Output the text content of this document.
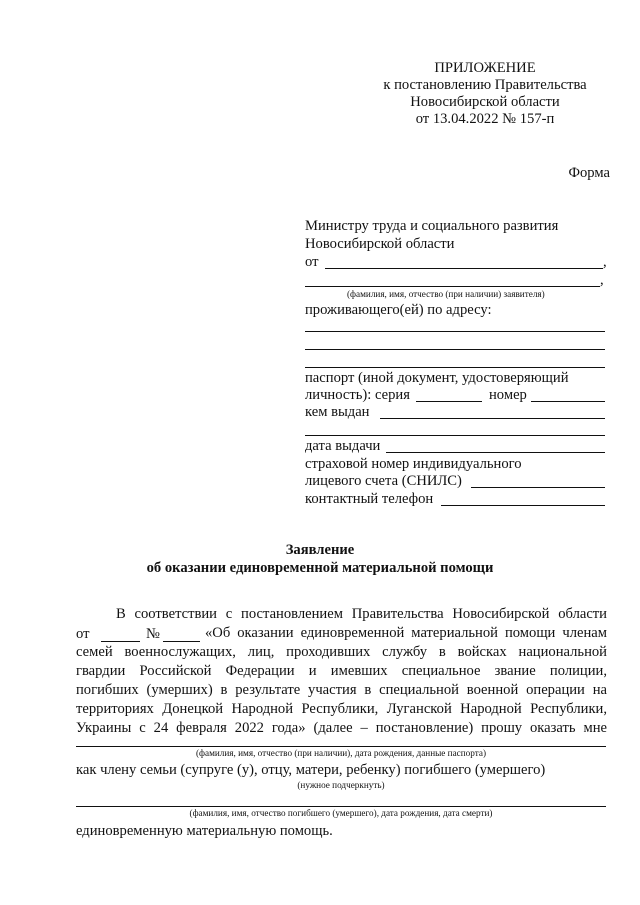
ПРИЛОЖЕНИЕ
к постановлению Правительства
Новосибирской области
от 13.04.2022 № 157-п
Форма
Министру труда и социального развития
Новосибирской области
от	,
,
(фамилия, имя, отчество (при наличии) заявителя)
проживающего(ей) по адресу:
паспорт (иной документ, удостоверяющий
личность): серия	номер
кем выдан
дата выдачи
страховой номер индивидуального
лицевого счета (СНИЛС)
контактный телефон
Заявление
об оказании единовременной материальной помощи
В соответствии с постановлением Правительства Новосибирской области
от	№	«Об оказании единовременной материальной помощи членам
семей военнослужащих, лиц, проходивших службу в войсках национальной
гвардии Российской Федерации и имевших специальное звание полиции,
погибших (умерших) в результате участия в специальной военной операции на
территориях Донецкой Народной Республики, Луганской Народной Республики,
Украины с 24 февраля 2022 года» (далее – постановление) прошу оказать мне
(фамилия, имя, отчество (при наличии), дата рождения, данные паспорта)
как члену семьи (супруге (у), отцу, матери, ребенку) погибшего (умершего)
(нужное подчеркнуть)
(фамилия, имя, отчество погибшего (умершего), дата рождения, дата смерти)
единовременную материальную помощь.
